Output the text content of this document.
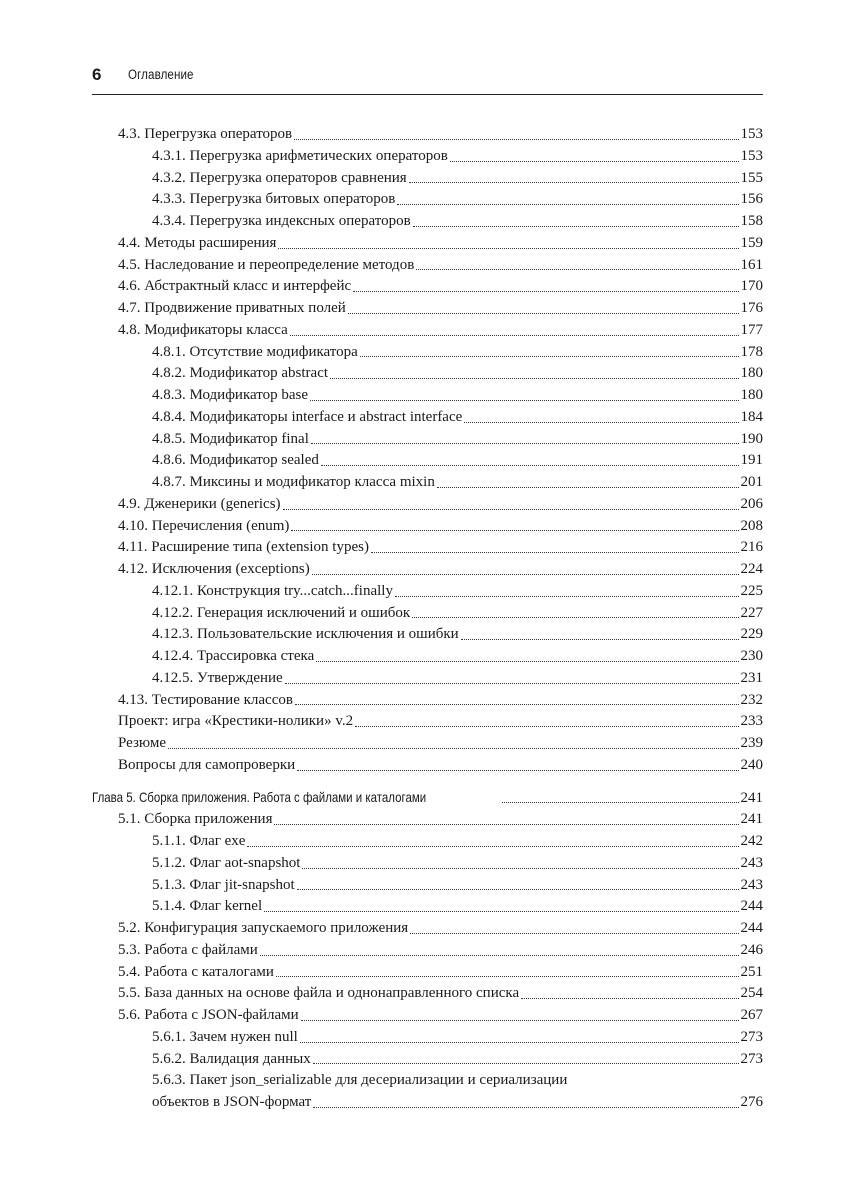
6 Оглавление
4.3. Перегрузка операторов	153
4.3.1. Перегрузка арифметических операторов	153
4.3.2. Перегрузка операторов сравнения	155
4.3.3. Перегрузка битовых операторов	156
4.3.4. Перегрузка индексных операторов	158
4.4. Методы расширения	159
4.5. Наследование и переопределение методов	161
4.6. Абстрактный класс и интерфейс	170
4.7. Продвижение приватных полей	176
4.8. Модификаторы класса	177
4.8.1. Отсутствие модификатора	178
4.8.2. Модификатор abstract	180
4.8.3. Модификатор base	180
4.8.4. Модификаторы interface и abstract interface	184
4.8.5. Модификатор final	190
4.8.6. Модификатор sealed	191
4.8.7. Миксины и модификатор класса mixin	201
4.9. Дженерики (generics)	206
4.10. Перечисления (enum)	208
4.11. Расширение типа (extension types)	216
4.12. Исключения (exceptions)	224
4.12.1. Конструкция try...catch...finally	225
4.12.2. Генерация исключений и ошибок	227
4.12.3. Пользовательские исключения и ошибки	229
4.12.4. Трассировка стека	230
4.12.5. Утверждение	231
4.13. Тестирование классов	232
Проект: игра «Крестики-нолики» v.2	233
Резюме	239
Вопросы для самопроверки	240
Глава 5. Сборка приложения. Работа с файлами и каталогами	241
5.1. Сборка приложения	241
5.1.1. Флаг exe	242
5.1.2. Флаг aot-snapshot	243
5.1.3. Флаг jit-snapshot	243
5.1.4. Флаг kernel	244
5.2. Конфигурация запускаемого приложения	244
5.3. Работа с файлами	246
5.4. Работа с каталогами	251
5.5. База данных на основе файла и однонаправленного списка	254
5.6. Работа с JSON-файлами	267
5.6.1. Зачем нужен null	273
5.6.2. Валидация данных	273
5.6.3. Пакет json_serializable для десериализации и сериализации
объектов в JSON-формат	276
